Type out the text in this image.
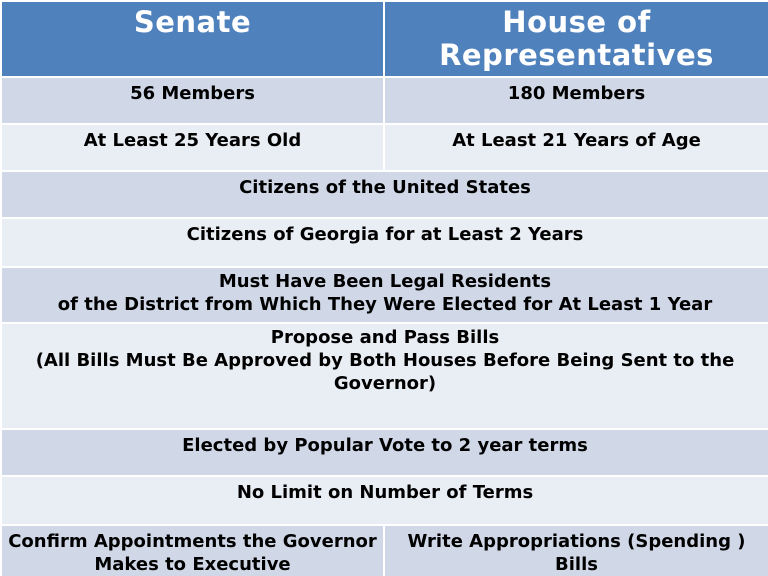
Senate	House of
Representatives

56 Members	180 Members

At Least 25 Years Old	At Least 21 Years of Age

Citizens of the United States	

Citizens of Georgia for at Least 2 Years	

Must Have Been Legal Residents
of the District from Which They Were Elected for At Least 1 Year	

Propose and Pass Bills
(All Bills Must Be Approved by Both Houses Before Being Sent to the Governor)	

Elected by Popular Vote to 2 year terms	

No Limit on Number of Terms	

Confirm Appointments the Governor Makes to Executive	Write Appropriations (Spending ) Bills
